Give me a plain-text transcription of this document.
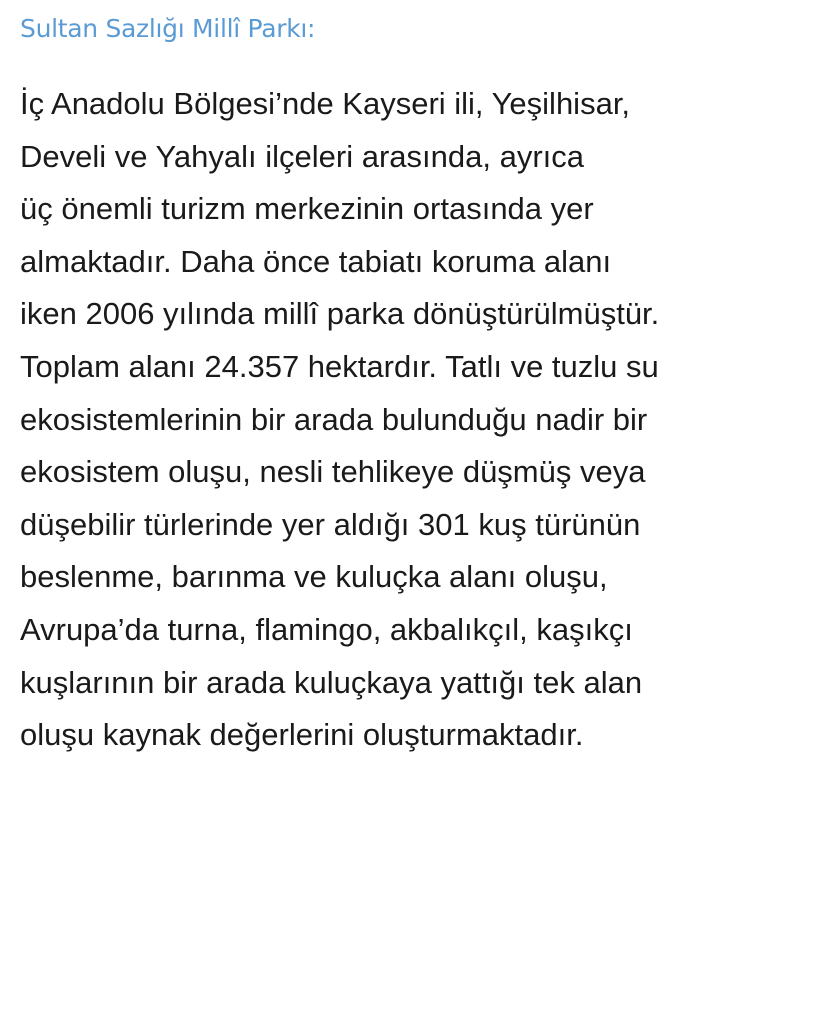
Sultan Sazlığı Millî Parkı:
İç Anadolu Bölgesi’nde Kayseri ili, Yeşilhisar,
Develi ve Yahyalı ilçeleri arasında, ayrıca
üç önemli turizm merkezinin ortasında yer
almaktadır. Daha önce tabiatı koruma alanı
iken 2006 yılında millî parka dönüştürülmüştür.
Toplam alanı 24.357 hektardır. Tatlı ve tuzlu su
ekosistemlerinin bir arada bulunduğu nadir bir
ekosistem oluşu, nesli tehlikeye düşmüş veya
düşebilir türlerinde yer aldığı 301 kuş türünün
beslenme, barınma ve kuluçka alanı oluşu,
Avrupa’da turna, flamingo, akbalıkçıl, kaşıkçı
kuşlarının bir arada kuluçkaya yattığı tek alan
oluşu kaynak değerlerini oluşturmaktadır.
